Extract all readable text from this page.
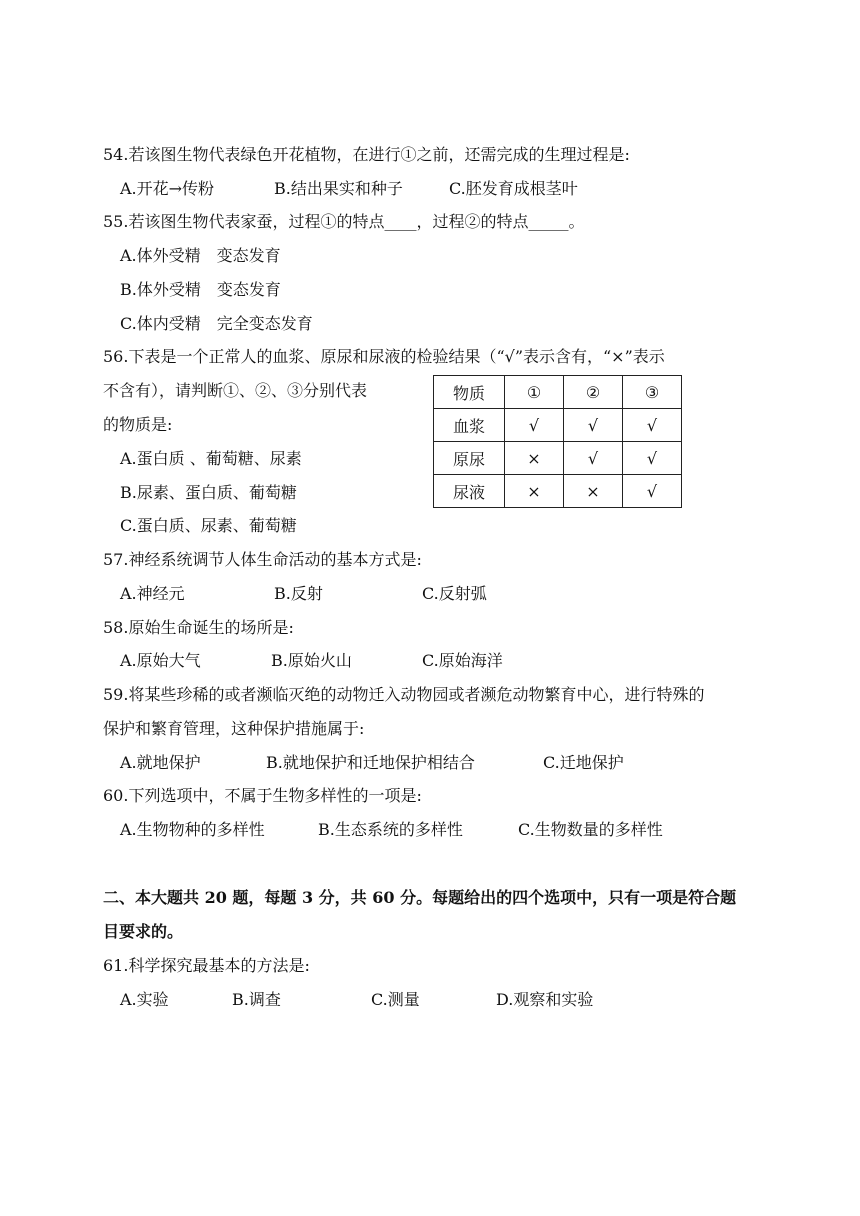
54.若该图生物代表绿色开花植物，在进行①之前，还需完成的生理过程是:
A.开花→传粉	B.结出果实和种子	C.胚发育成根茎叶
55.若该图生物代表家蚕，过程①的特点____，过程②的特点_____。
A.体外受精　变态发育
B.体外受精　变态发育
C.体内受精　完全变态发育
56.下表是一个正常人的血浆、原尿和尿液的检验结果（“√”表示含有，“×”表示
不含有），请判断①、②、③分别代表
的物质是:
A.蛋白质 、葡萄糖、尿素
B.尿素、蛋白质、葡萄糖
C.蛋白质、尿素、葡萄糖
物质	①	②	③
血浆	√	√	√
原尿	×	√	√
尿液	×	×	√
57.神经系统调节人体生命活动的基本方式是:
A.神经元	B.反射	C.反射弧
58.原始生命诞生的场所是:
A.原始大气	B.原始火山	C.原始海洋
59.将某些珍稀的或者濒临灭绝的动物迁入动物园或者濒危动物繁育中心，进行特殊的
保护和繁育管理，这种保护措施属于:
A.就地保护	B.就地保护和迁地保护相结合	C.迁地保护
60.下列选项中，不属于生物多样性的一项是:
A.生物物种的多样性	B.生态系统的多样性	C.生物数量的多样性
二、本大题共 20 题，每题 3 分，共 60 分。每题给出的四个选项中，只有一项是符合题
目要求的。
61.科学探究最基本的方法是:
A.实验	B.调查	C.测量	D.观察和实验
